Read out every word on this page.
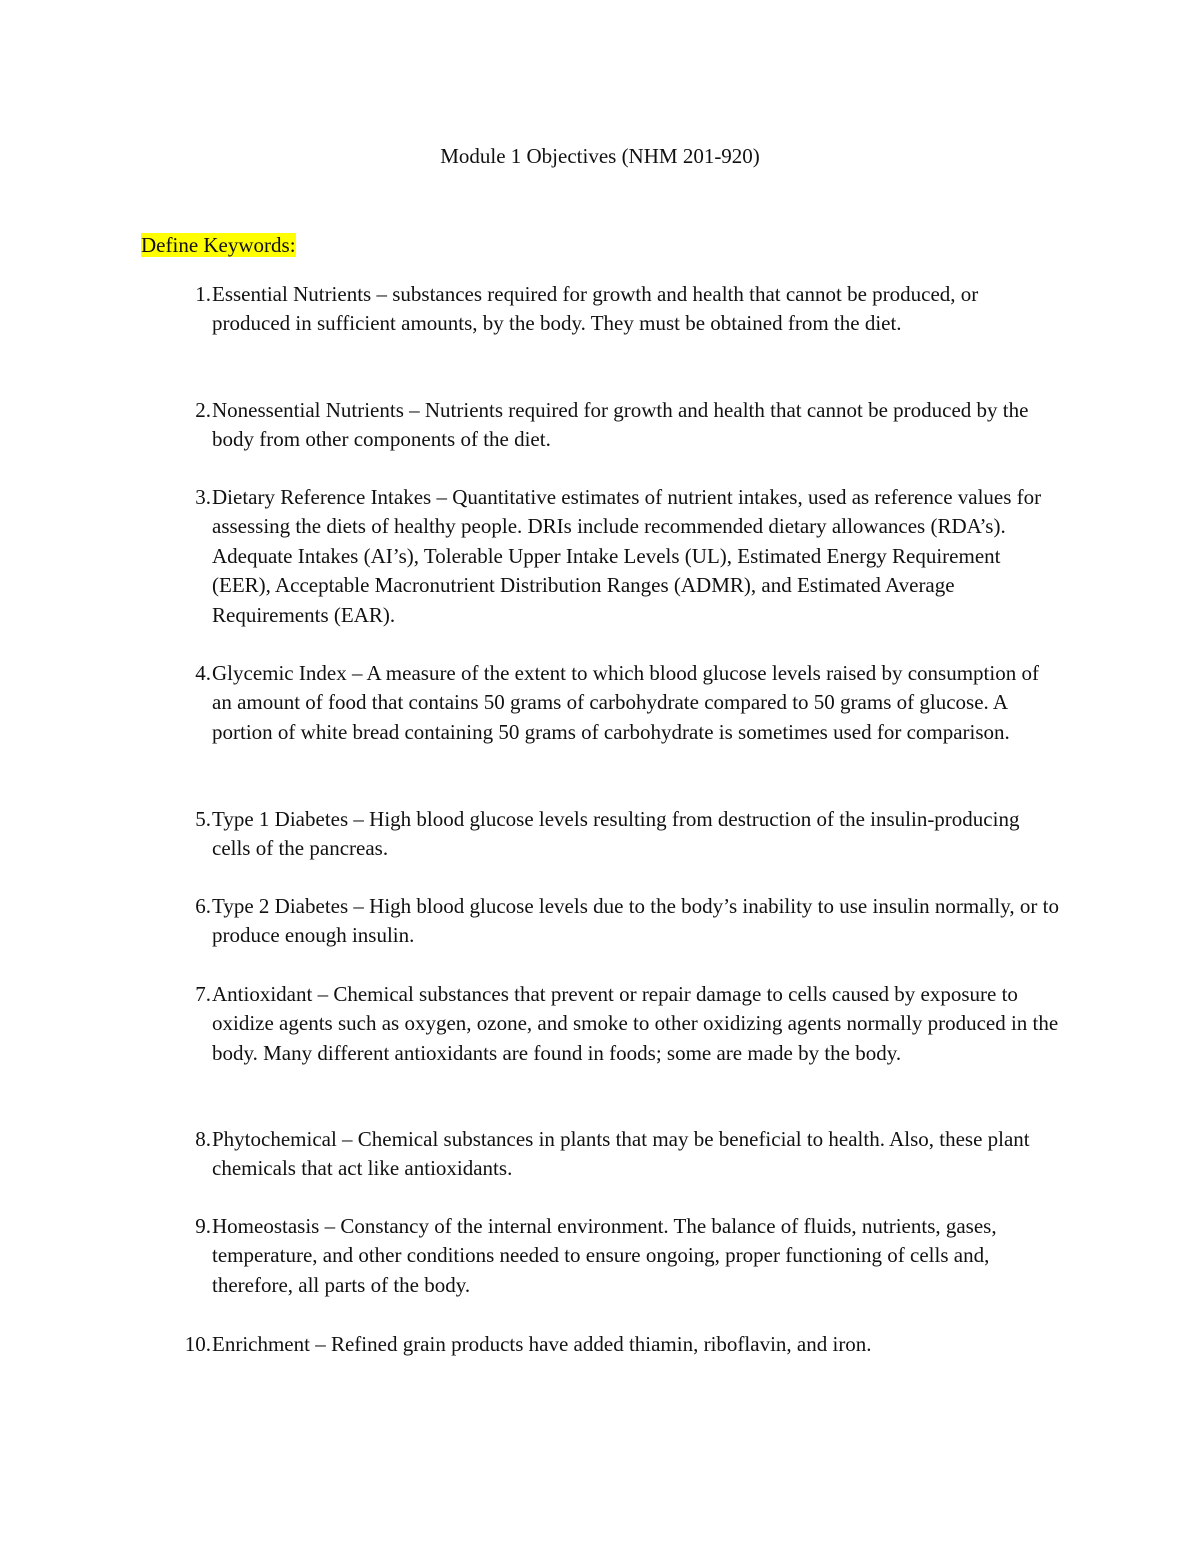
Module 1 Objectives (NHM 201-920)
Define Keywords:
1. Essential Nutrients – substances required for growth and health that cannot be produced, or produced in sufficient amounts, by the body. They must be obtained from the diet.
2. Nonessential Nutrients – Nutrients required for growth and health that cannot be produced by the body from other components of the diet.
3. Dietary Reference Intakes – Quantitative estimates of nutrient intakes, used as reference values for assessing the diets of healthy people. DRIs include recommended dietary allowances (RDA’s). Adequate Intakes (AI’s), Tolerable Upper Intake Levels (UL), Estimated Energy Requirement (EER), Acceptable Macronutrient Distribution Ranges (ADMR), and Estimated Average Requirements (EAR).
4. Glycemic Index – A measure of the extent to which blood glucose levels raised by consumption of an amount of food that contains 50 grams of carbohydrate compared to 50 grams of glucose. A portion of white bread containing 50 grams of carbohydrate is sometimes used for comparison.
5. Type 1 Diabetes – High blood glucose levels resulting from destruction of the insulin-producing cells of the pancreas.
6. Type 2 Diabetes – High blood glucose levels due to the body’s inability to use insulin normally, or to produce enough insulin.
7. Antioxidant – Chemical substances that prevent or repair damage to cells caused by exposure to oxidize agents such as oxygen, ozone, and smoke to other oxidizing agents normally produced in the body. Many different antioxidants are found in foods; some are made by the body.
8. Phytochemical – Chemical substances in plants that may be beneficial to health. Also, these plant chemicals that act like antioxidants.
9. Homeostasis – Constancy of the internal environment. The balance of fluids, nutrients, gases, temperature, and other conditions needed to ensure ongoing, proper functioning of cells and, therefore, all parts of the body.
10. Enrichment – Refined grain products have added thiamin, riboflavin, and iron.
